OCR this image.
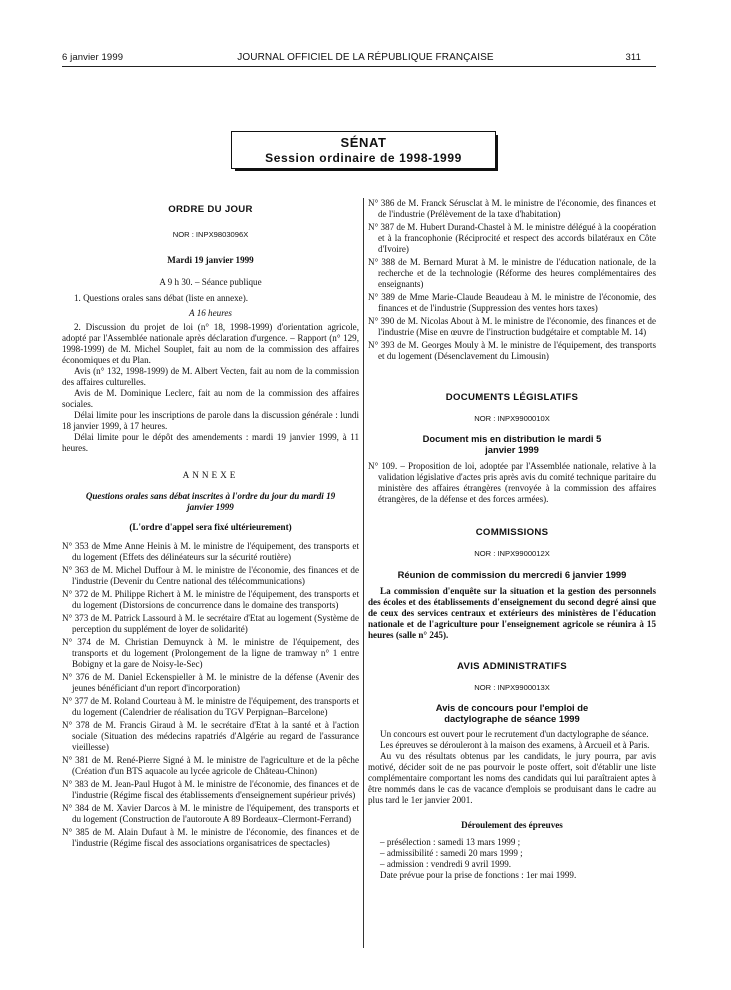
6 janvier 1999	JOURNAL OFFICIEL DE LA RÉPUBLIQUE FRANÇAISE	311
SÉNAT
Session ordinaire de 1998-1999
ORDRE DU JOUR
NOR : INPX9803096X
Mardi 19 janvier 1999
A 9 h 30. – Séance publique

1. Questions orales sans débat (liste en annexe).

A 16 heures

2. Discussion du projet de loi (n° 18, 1998-1999) d'orientation agricole, adopté par l'Assemblée nationale après déclaration d'urgence. – Rapport (n° 129, 1998-1999) de M. Michel Souplet, fait au nom de la commission des affaires économiques et du Plan.

Avis (n° 132, 1998-1999) de M. Albert Vecten, fait au nom de la commission des affaires culturelles.

Avis de M. Dominique Leclerc, fait au nom de la commission des affaires sociales.

Délai limite pour les inscriptions de parole dans la discussion générale : lundi 18 janvier 1999, à 17 heures.

Délai limite pour le dépôt des amendements : mardi 19 janvier 1999, à 11 heures.

ANNEXE
Questions orales sans débat inscrites à l'ordre du jour du mardi 19 janvier 1999
(L'ordre d'appel sera fixé ultérieurement)

N° 353 de Mme Anne Heinis à M. le ministre de l'équipement, des transports et du logement (Effets des délinéateurs sur la sécurité routière)

N° 363 de M. Michel Duffour à M. le ministre de l'économie, des finances et de l'industrie (Devenir du Centre national des télécommunications)

N° 372 de M. Philippe Richert à M. le ministre de l'équipement, des transports et du logement (Distorsions de concurrence dans le domaine des transports)

N° 373 de M. Patrick Lassourd à M. le secrétaire d'Etat au logement (Système de perception du supplément de loyer de solidarité)

N° 374 de M. Christian Demuynck à M. le ministre de l'équipement, des transports et du logement (Prolongement de la ligne de tramway n° 1 entre Bobigny et la gare de Noisy-le-Sec)

N° 376 de M. Daniel Eckenspieller à M. le ministre de la défense (Avenir des jeunes bénéficiant d'un report d'incorporation)

N° 377 de M. Roland Courteau à M. le ministre de l'équipement, des transports et du logement (Calendrier de réalisation du TGV Perpignan–Barcelone)

N° 378 de M. Francis Giraud à M. le secrétaire d'Etat à la santé et à l'action sociale (Situation des médecins rapatriés d'Algérie au regard de l'assurance vieillesse)

N° 381 de M. René-Pierre Signé à M. le ministre de l'agriculture et de la pêche (Création d'un BTS aquacole au lycée agricole de Château-Chinon)

N° 383 de M. Jean-Paul Hugot à M. le ministre de l'économie, des finances et de l'industrie (Régime fiscal des établissements d'enseignement supérieur privés)

N° 384 de M. Xavier Darcos à M. le ministre de l'équipement, des transports et du logement (Construction de l'autoroute A 89 Bordeaux–Clermont-Ferrand)

N° 385 de M. Alain Dufaut à M. le ministre de l'économie, des finances et de l'industrie (Régime fiscal des associations organisatrices de spectacles)

N° 386 de M. Franck Sérusclat à M. le ministre de l'économie, des finances et de l'industrie (Prélèvement de la taxe d'habitation)

N° 387 de M. Hubert Durand-Chastel à M. le ministre délégué à la coopération et à la francophonie (Réciprocité et respect des accords bilatéraux en Côte d'Ivoire)

N° 388 de M. Bernard Murat à M. le ministre de l'éducation nationale, de la recherche et de la technologie (Réforme des heures complémentaires des enseignants)

N° 389 de Mme Marie-Claude Beaudeau à M. le ministre de l'économie, des finances et de l'industrie (Suppression des ventes hors taxes)

N° 390 de M. Nicolas About à M. le ministre de l'économie, des finances et de l'industrie (Mise en œuvre de l'instruction budgétaire et comptable M. 14)

N° 393 de M. Georges Mouly à M. le ministre de l'équipement, des transports et du logement (Désenclavement du Limousin)

DOCUMENTS LÉGISLATIFS
NOR : INPX9900010X
Document mis en distribution le mardi 5 janvier 1999

N° 109. – Proposition de loi, adoptée par l'Assemblée nationale, relative à la validation législative d'actes pris après avis du comité technique paritaire du ministère des affaires étrangères (renvoyée à la commission des affaires étrangères, de la défense et des forces armées).

COMMISSIONS
NOR : INPX9900012X
Réunion de commission du mercredi 6 janvier 1999

La commission d'enquête sur la situation et la gestion des personnels des écoles et des établissements d'enseignement du second degré ainsi que de ceux des services centraux et extérieurs des ministères de l'éducation nationale et de l'agriculture pour l'enseignement agricole se réunira à 15 heures (salle n° 245).

AVIS ADMINISTRATIFS
NOR : INPX9900013X
Avis de concours pour l'emploi de dactylographe de séance 1999

Un concours est ouvert pour le recrutement d'un dactylographe de séance.

Les épreuves se dérouleront à la maison des examens, à Arcueil et à Paris.

Au vu des résultats obtenus par les candidats, le jury pourra, par avis motivé, décider soit de ne pas pourvoir le poste offert, soit d'établir une liste complémentaire comportant les noms des candidats qui lui paraîtraient aptes à être nommés dans le cas de vacance d'emplois se produisant dans le cadre au plus tard le 1er janvier 2001.

Déroulement des épreuves

– présélection : samedi 13 mars 1999 ;

– admissibilité : samedi 20 mars 1999 ;

– admission : vendredi 9 avril 1999.

Date prévue pour la prise de fonctions : 1er mai 1999.
